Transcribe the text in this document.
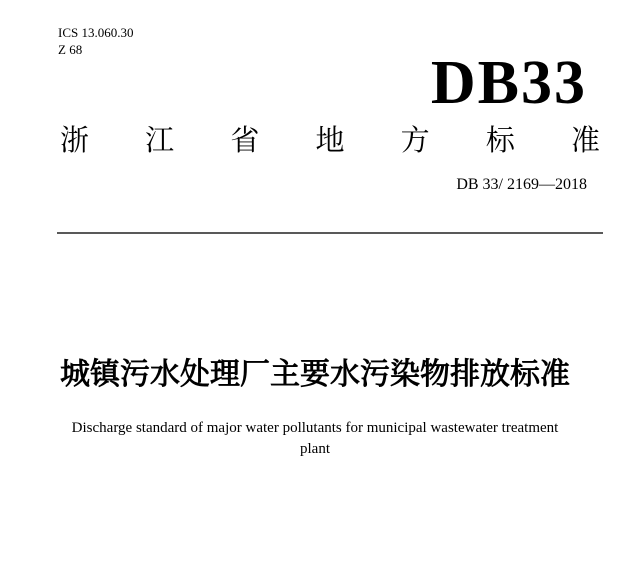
ICS 13.060.30
Z 68	DB33
浙 江 省 地 方 标 准
DB 33/ 2169—2018
城镇污水处理厂主要水污染物排放标准
Discharge standard of major water pollutants for municipal wastewater treatment
plant
